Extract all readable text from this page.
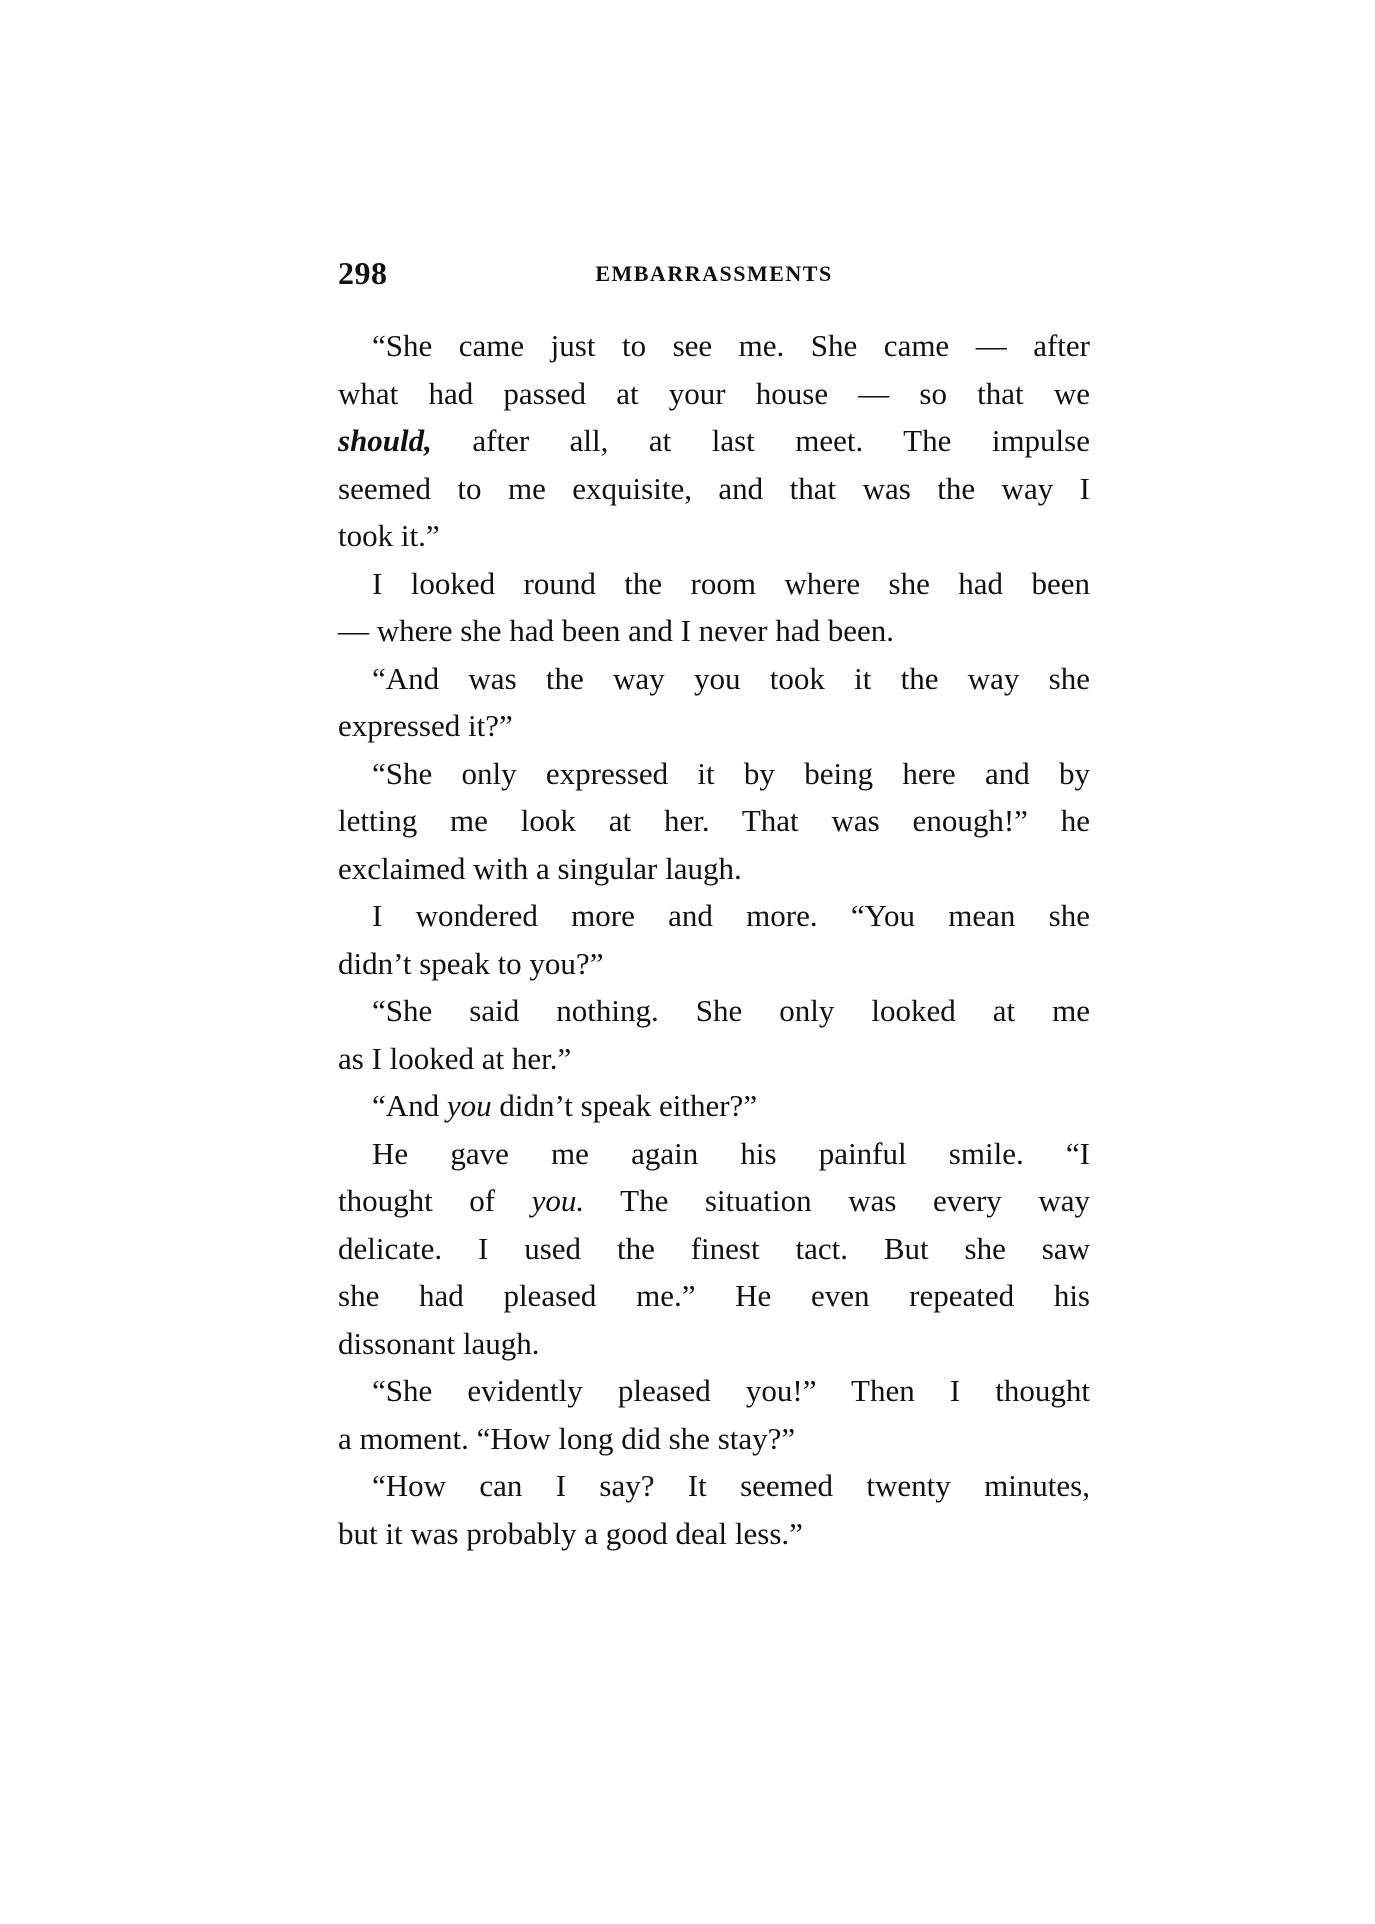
298	EMBARRASSMENTS

“She came just to see me. She came — after
what had passed at your house — so that we
should, after all, at last meet. The impulse
seemed to me exquisite, and that was the way I
took it.”

I looked round the room where she had been
— where she had been and I never had been.

“And was the way you took it the way she
expressed it?”

“She only expressed it by being here and by
letting me look at her. That was enough!” he
exclaimed with a singular laugh.

I wondered more and more. “You mean she
didn’t speak to you?”

“She said nothing. She only looked at me
as I looked at her.”

“And you didn’t speak either?”

He gave me again his painful smile. “I
thought of you. The situation was every way
delicate. I used the finest tact. But she saw
she had pleased me.” He even repeated his
dissonant laugh.

“She evidently pleased you!” Then I thought
a moment. “How long did she stay?”

“How can I say? It seemed twenty minutes,
but it was probably a good deal less.”
